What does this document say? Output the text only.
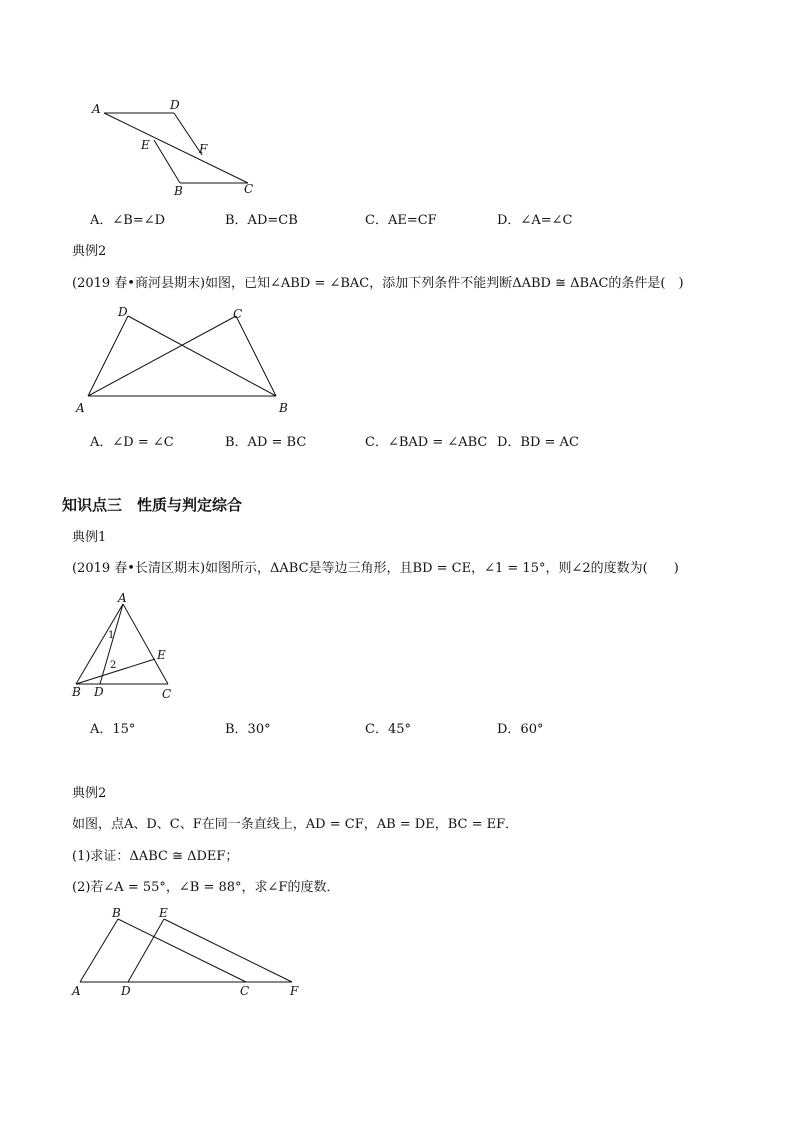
A	D
E	F
B	C
A．∠B=∠D	B．AD=CB	C．AE=CF	D．∠A=∠C
典例2
(2019 春•商河县期末)如图，已知∠ABD = ∠BAC，添加下列条件不能判断ΔABD ≅ ΔBAC的条件是(　)
D	C
A	B
A．∠D = ∠C	B．AD = BC	C．∠BAD = ∠ABC D．BD = AC
知识点三　性质与判定综合
典例1
(2019 春•长清区期末)如图所示，ΔABC是等边三角形，且BD = CE，∠1 = 15°，则∠2的度数为(　　)
A
1
2
E
B D	C
A．15°	B．30°	C．45°	D．60°
典例2
如图，点A、D、C、F在同一条直线上，AD = CF，AB = DE，BC = EF．
(1)求证：ΔABC ≅ ΔDEF；
(2)若∠A = 55°，∠B = 88°，求∠F的度数．
B	E
A	D	C	F
